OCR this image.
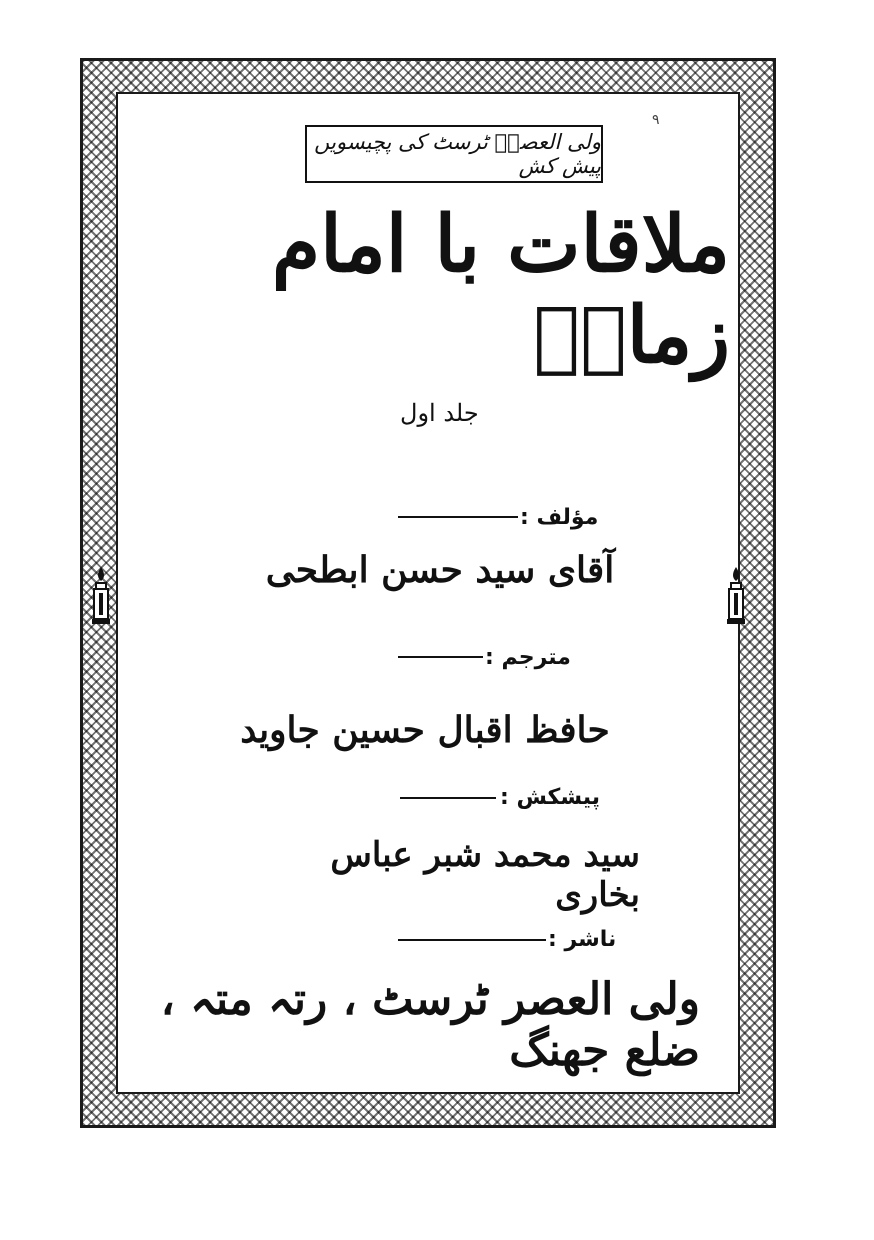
۹
ولی العصرؑ ٹرسٹ کی پچیسویں پیش کش
ملاقات با امام زمانؑ
جلد اول
مؤلف :
آقای سید حسن ابطحی
مترجم :
حافظ اقبال حسین جاوید
پیشکش :
سید محمد شبر عباس بخاری
ناشر :
ولی العصر ٹرسٹ ، رتہ متہ ، ضلع جھنگ
